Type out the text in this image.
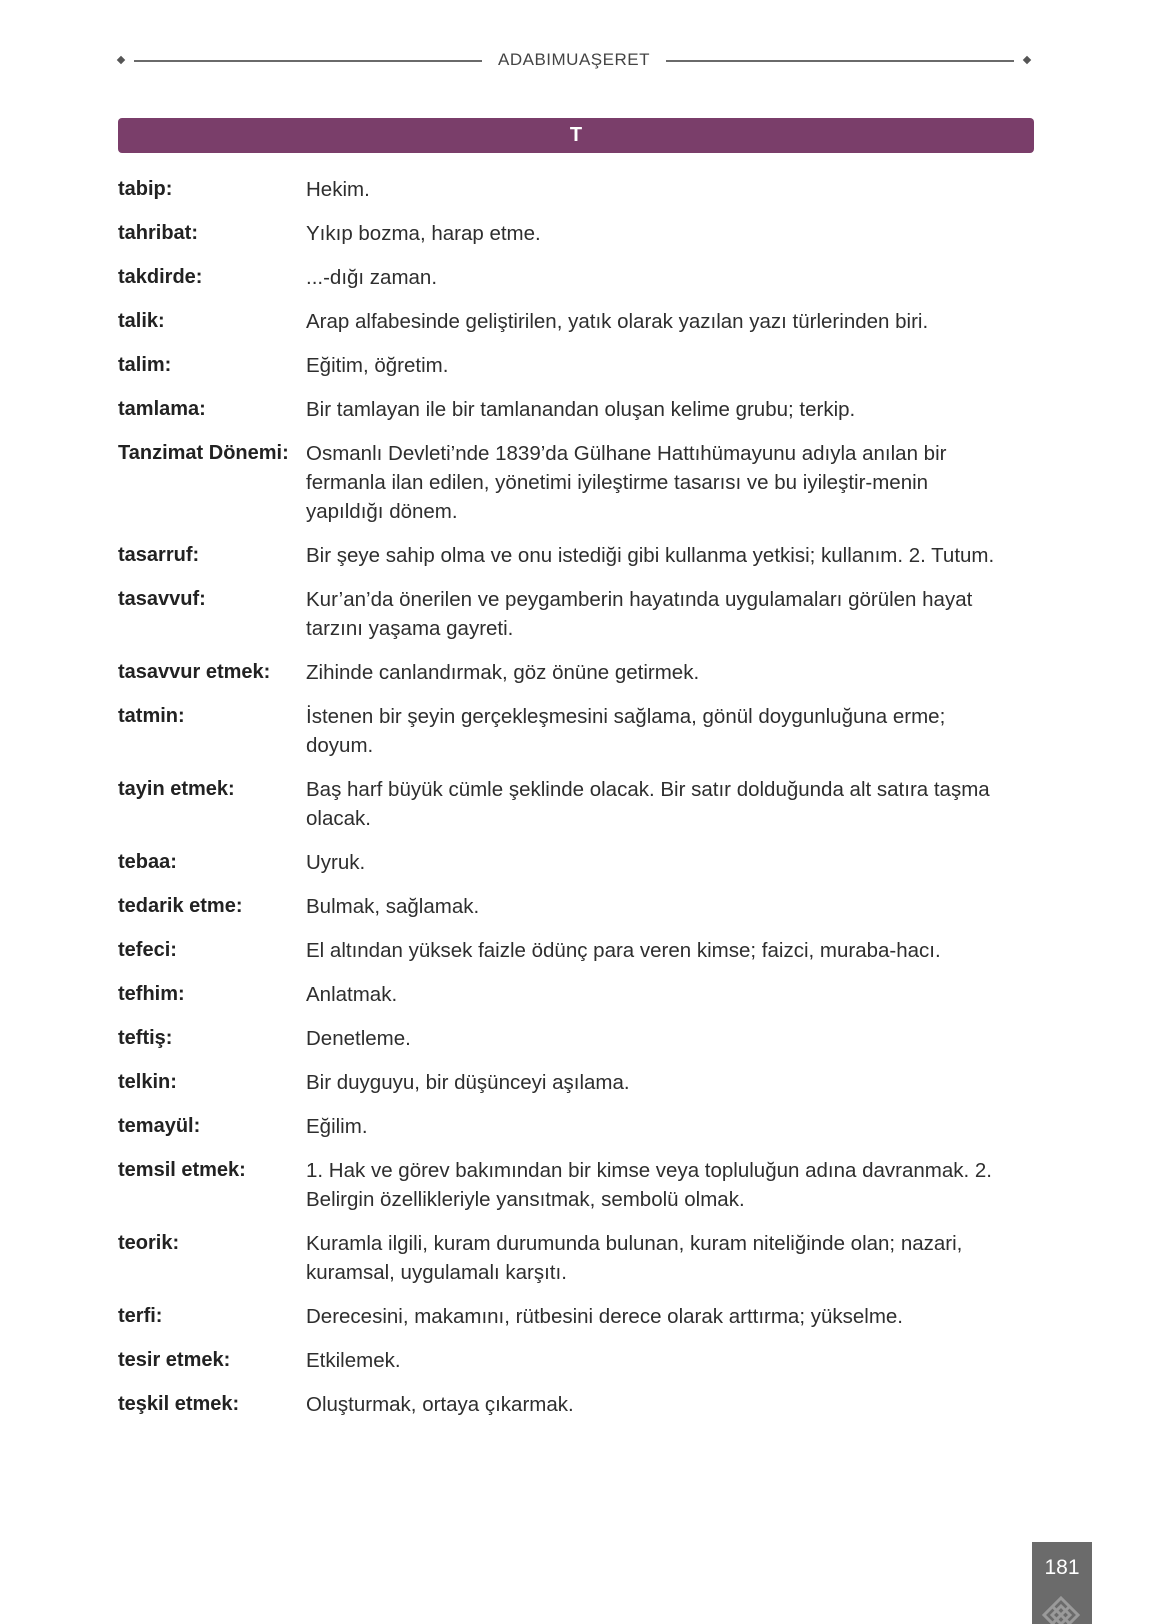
ADABIMUAŞERET
T
tabip:	Hekim.
tahribat:	Yıkıp bozma, harap etme.
takdirde:	...-dığı zaman.
talik:	Arap alfabesinde geliştirilen, yatık olarak yazılan yazı türlerinden biri.
talim:	Eğitim, öğretim.
tamlama:	Bir tamlayan ile bir tamlanandan oluşan kelime grubu; terkip.
Tanzimat Dönemi: Osmanlı Devleti’nde 1839’da Gülhane Hattıhümayunu adıyla anılan bir fermanla ilan edilen, yönetimi iyileştirme tasarısı ve bu iyileştir-menin yapıldığı dönem.
tasarruf:	Bir şeye sahip olma ve onu istediği gibi kullanma yetkisi; kullanım. 2. Tutum.
tasavvuf:	Kur’an’da önerilen ve peygamberin hayatında uygulamaları görülen hayat tarzını yaşama gayreti.
tasavvur etmek:	Zihinde canlandırmak, göz önüne getirmek.
tatmin:	İstenen bir şeyin gerçekleşmesini sağlama, gönül doygunluğuna erme; doyum.
tayin etmek:	Baş harf büyük cümle şeklinde olacak. Bir satır dolduğunda alt satıra taşma olacak.
tebaa:	Uyruk.
tedarik etme:	Bulmak, sağlamak.
tefeci:	El altından yüksek faizle ödünç para veren kimse; faizci, muraba-hacı.
tefhim:	Anlatmak.
teftiş:	Denetleme.
telkin:	Bir duyguyu, bir düşünceyi aşılama.
temayül:	Eğilim.
temsil etmek:	1. Hak ve görev bakımından bir kimse veya topluluğun adına davranmak. 2. Belirgin özellikleriyle yansıtmak, sembolü olmak.
teorik:	Kuramla ilgili, kuram durumunda bulunan, kuram niteliğinde olan; nazari, kuramsal, uygulamalı karşıtı.
terfi:	Derecesini, makamını, rütbesini derece olarak arttırma; yükselme.
tesir etmek:	Etkilemek.
teşkil etmek:	Oluşturmak, ortaya çıkarmak.
181
